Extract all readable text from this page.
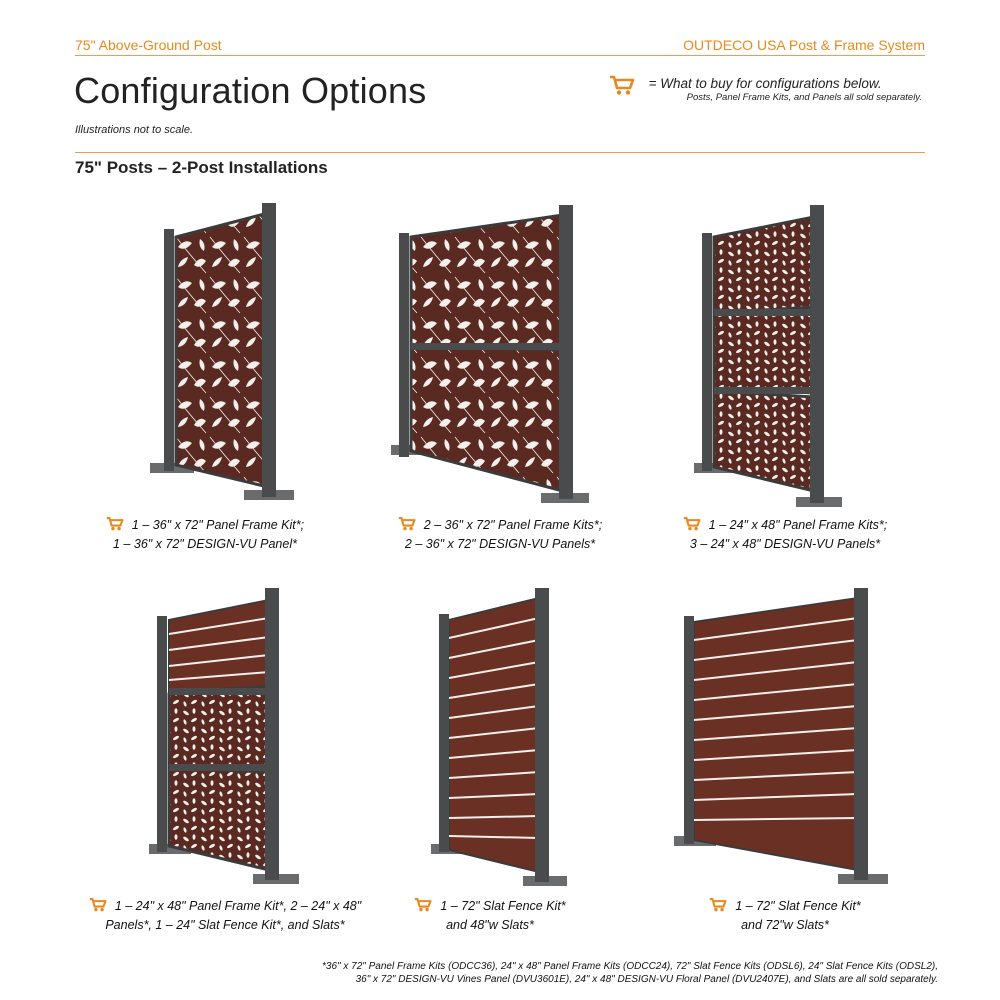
75" Above-Ground Post	OUTDECO USA Post & Frame System
Configuration Options
Illustrations not to scale.
= What to buy for configurations below.
Posts, Panel Frame Kits, and Panels all sold separately.
75" Posts – 2-Post Installations
1 – 36" x 72" Panel Frame Kit*;
1 – 36" x 72" DESIGN-VU Panel*
2 – 36" x 72" Panel Frame Kits*;
2 – 36" x 72" DESIGN-VU Panels*
1 – 24" x 48" Panel Frame Kits*;
3 – 24" x 48" DESIGN-VU Panels*
1 – 24" x 48" Panel Frame Kit*, 2 – 24" x 48"
Panels*, 1 – 24" Slat Fence Kit*, and Slats*
1 – 72" Slat Fence Kit*
and 48"w Slats*
1 – 72" Slat Fence Kit*
and 72"w Slats*
*36" x 72" Panel Frame Kits (ODCC36), 24" x 48" Panel Frame Kits (ODCC24), 72" Slat Fence Kits (ODSL6), 24" Slat Fence Kits (ODSL2),
36" x 72" DESIGN-VU Vines Panel (DVU3601E), 24" x 48" DESIGN-VU Floral Panel (DVU2407E), and Slats are all sold separately.
